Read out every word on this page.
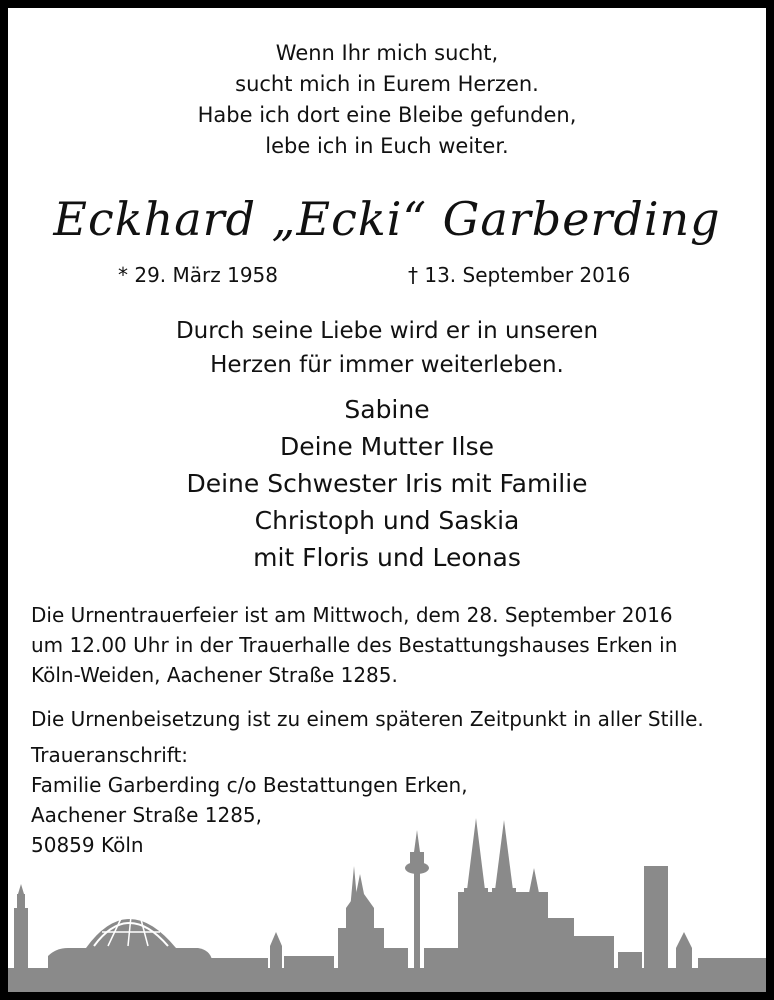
Wenn Ihr mich sucht,
sucht mich in Eurem Herzen.
Habe ich dort eine Bleibe gefunden,
lebe ich in Euch weiter.
Eckhard „Ecki“ Garberding
* 29. März 1958	† 13. September 2016
Durch seine Liebe wird er in unseren
Herzen für immer weiterleben.
Sabine
Deine Mutter Ilse
Deine Schwester Iris mit Familie
Christoph und Saskia
mit Floris und Leonas
Die Urnentrauerfeier ist am Mittwoch, dem 28. September 2016
um 12.00 Uhr in der Trauerhalle des Bestattungshauses Erken in
Köln-Weiden, Aachener Straße 1285.
Die Urnenbeisetzung ist zu einem späteren Zeitpunkt in aller Stille.
Traueranschrift:
Familie Garberding c/o Bestattungen Erken,
Aachener Straße 1285,
50859 Köln
